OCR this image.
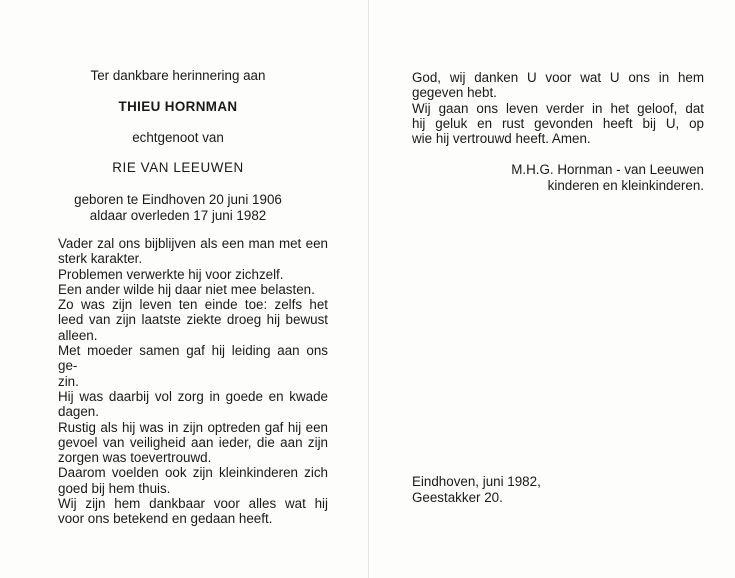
Ter dankbare herinnering aan
THIEU HORNMAN
echtgenoot van
RIE VAN LEEUWEN
geboren te Eindhoven 20 juni 1906
aldaar overleden 17 juni 1982
Vader zal ons bijblijven als een man met een
sterk karakter.
Problemen verwerkte hij voor zichzelf.
Een ander wilde hij daar niet mee belasten.
Zo was zijn leven ten einde toe: zelfs het
leed van zijn laatste ziekte droeg hij bewust
alleen.
Met moeder samen gaf hij leiding aan ons ge-
zin.
Hij was daarbij vol zorg in goede en kwade
dagen.
Rustig als hij was in zijn optreden gaf hij een
gevoel van veiligheid aan ieder, die aan zijn
zorgen was toevertrouwd.
Daarom voelden ook zijn kleinkinderen zich
goed bij hem thuis.
Wij zijn hem dankbaar voor alles wat hij
voor ons betekend en gedaan heeft.
God, wij danken U voor wat U ons in hem
gegeven hebt.
Wij gaan ons leven verder in het geloof, dat
hij geluk en rust gevonden heeft bij U, op
wie hij vertrouwd heeft. Amen.
M.H.G. Hornman - van Leeuwen
kinderen en kleinkinderen.
Eindhoven, juni 1982,
Geestakker 20.
